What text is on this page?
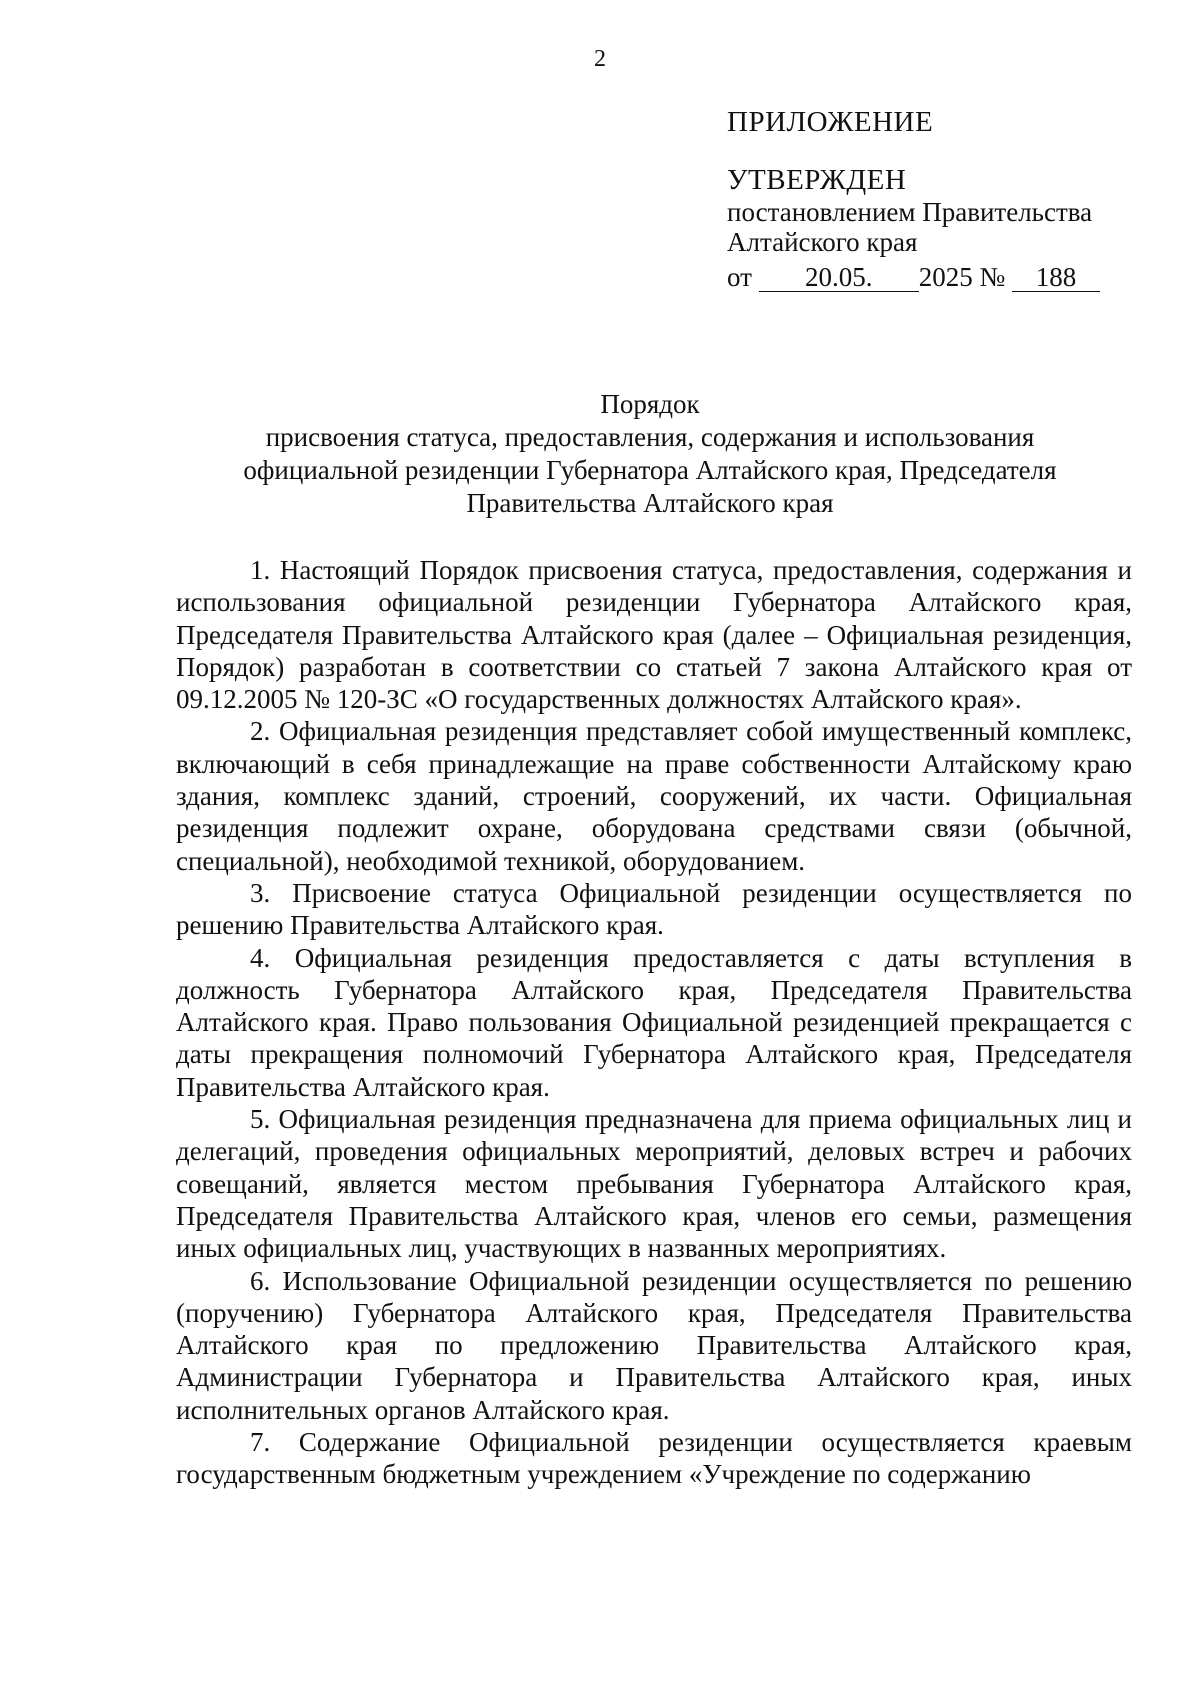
2
ПРИЛОЖЕНИЕ
УТВЕРЖДЕН
постановлением Правительства
Алтайского края
от 20.05. 2025 № 188
Порядок
присвоения статуса, предоставления, содержания и использования
официальной резиденции Губернатора Алтайского края, Председателя
Правительства Алтайского края

1. Настоящий Порядок присвоения статуса, предоставления, содержания и использования официальной резиденции Губернатора Алтайского края, Председателя Правительства Алтайского края (далее – Официальная резиденция, Порядок) разработан в соответствии со статьей 7 закона Алтайского края от 09.12.2005 № 120-ЗС «О государственных должностях Алтайского края».

2. Официальная резиденция представляет собой имущественный комплекс, включающий в себя принадлежащие на праве собственности Алтайскому краю здания, комплекс зданий, строений, сооружений, их части. Официальная резиденция подлежит охране, оборудована средствами связи (обычной, специальной), необходимой техникой, оборудованием.

3. Присвоение статуса Официальной резиденции осуществляется по решению Правительства Алтайского края.

4. Официальная резиденция предоставляется с даты вступления в должность Губернатора Алтайского края, Председателя Правительства Алтайского края. Право пользования Официальной резиденцией прекращается с даты прекращения полномочий Губернатора Алтайского края, Председателя Правительства Алтайского края.

5. Официальная резиденция предназначена для приема официальных лиц и делегаций, проведения официальных мероприятий, деловых встреч и рабочих совещаний, является местом пребывания Губернатора Алтайского края, Председателя Правительства Алтайского края, членов его семьи, размещения иных официальных лиц, участвующих в названных мероприятиях.

6. Использование Официальной резиденции осуществляется по решению (поручению) Губернатора Алтайского края, Председателя Правительства Алтайского края по предложению Правительства Алтайского края, Администрации Губернатора и Правительства Алтайского края, иных исполнительных органов Алтайского края.

7. Содержание Официальной резиденции осуществляется краевым государственным бюджетным учреждением «Учреждение по содержанию
